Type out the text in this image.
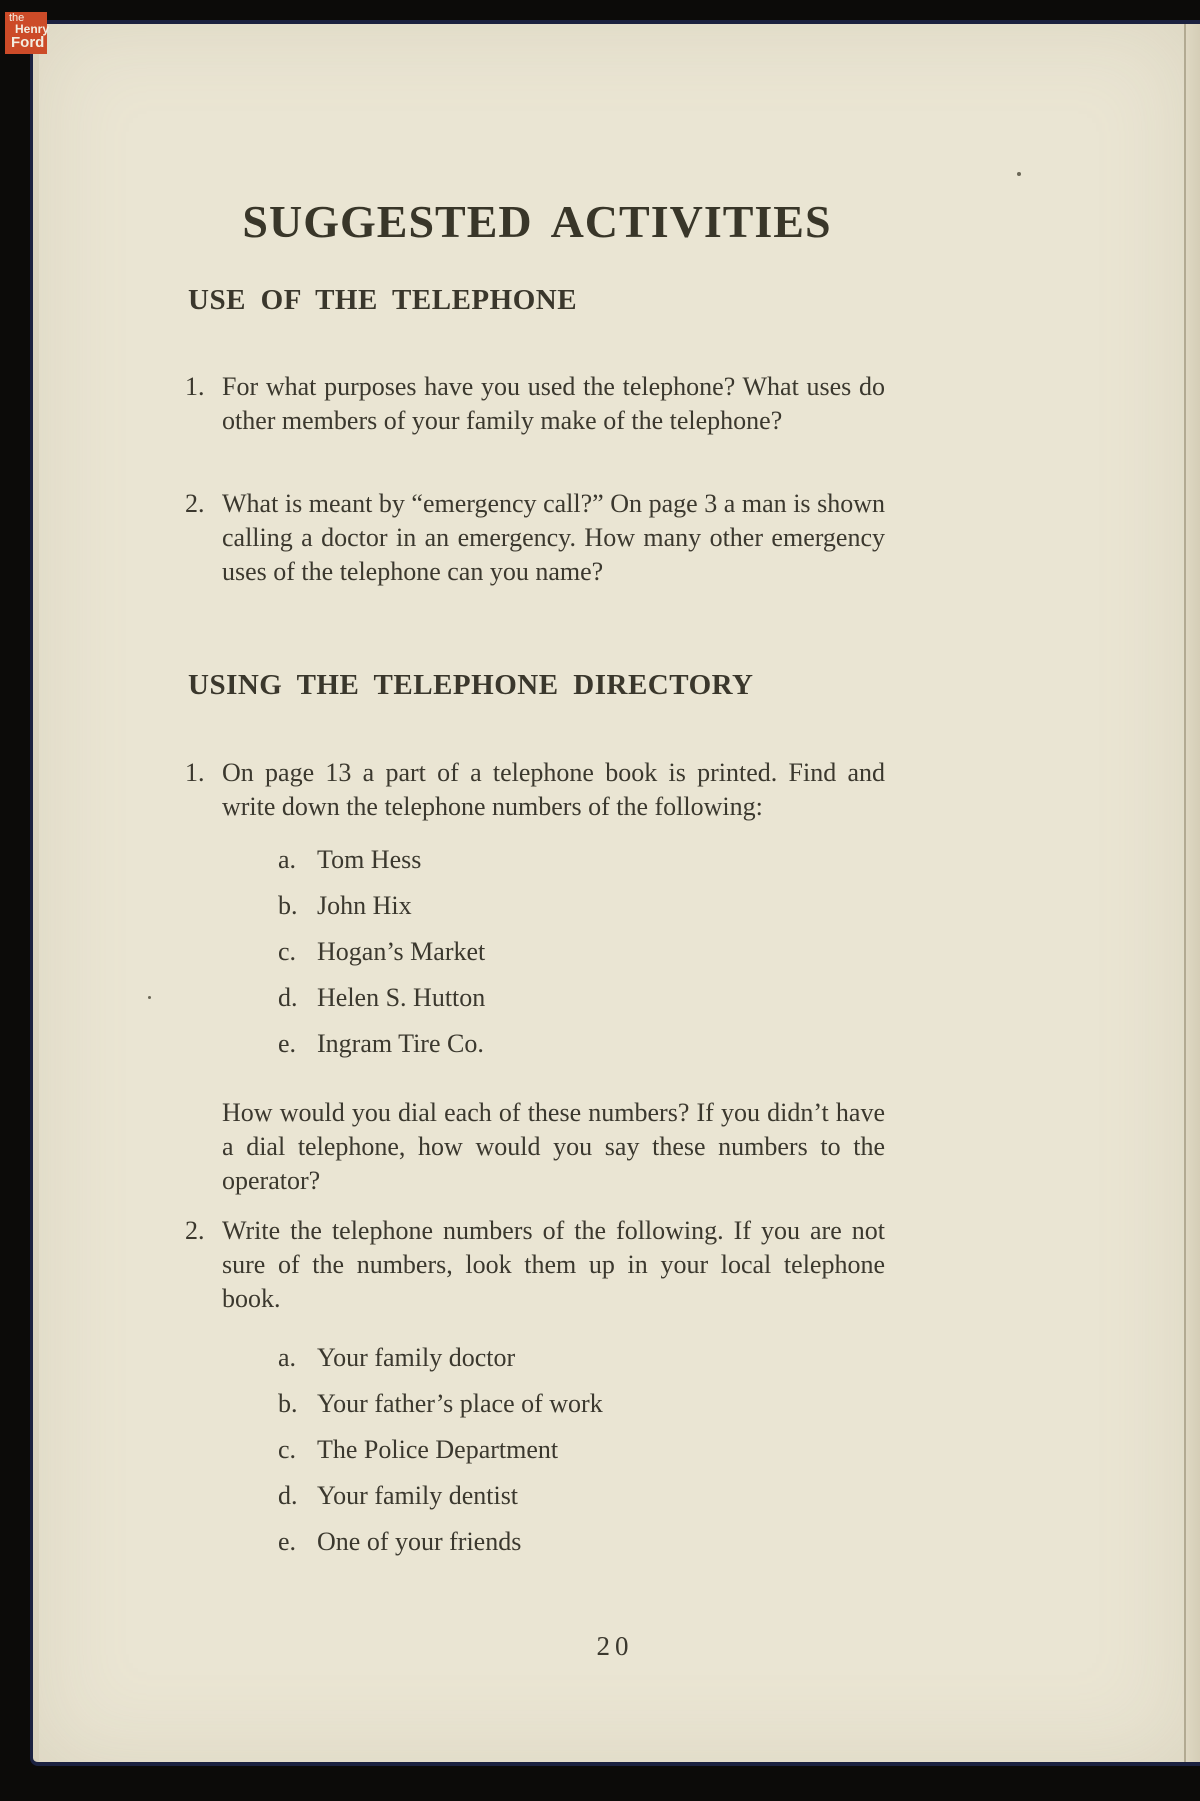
the
Henry
Ford
SUGGESTED ACTIVITIES
USE OF THE TELEPHONE
1. For what purposes have you used the telephone? What uses do other members of your family make of the telephone?

2. What is meant by “emergency call?” On page 3 a man is shown calling a doctor in an emergency. How many other emergency uses of the telephone can you name?

USING THE TELEPHONE DIRECTORY
1. On page 13 a part of a telephone book is printed. Find and write down the telephone numbers of the following:

a. Tom Hess
b. John Hix
c. Hogan’s Market
d. Helen S. Hutton
e. Ingram Tire Co.

How would you dial each of these numbers? If you didn’t have a dial telephone, how would you say these numbers to the operator?

2. Write the telephone numbers of the following. If you are not sure of the numbers, look them up in your local telephone book.

a. Your family doctor
b. Your father’s place of work
c. The Police Department
d. Your family dentist
e. One of your friends
20
